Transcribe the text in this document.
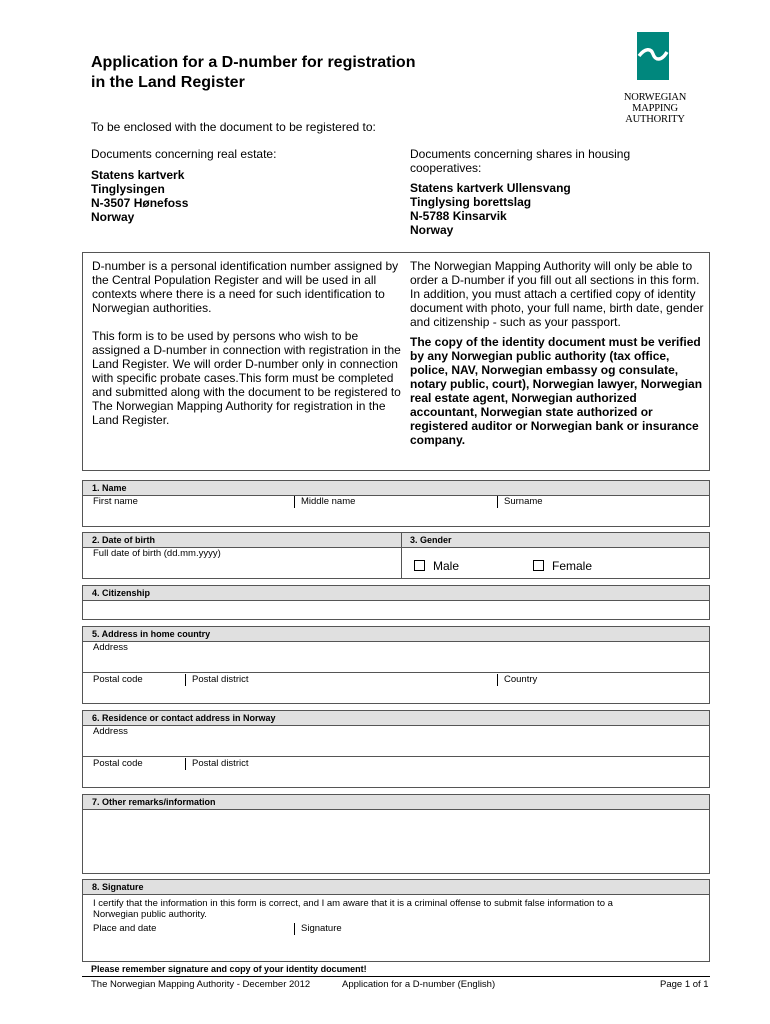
Application for a D-number for registration
in the Land Register
NORWEGIAN MAPPING
AUTHORITY
To be enclosed with the document to be registered to:
Documents concerning real estate:
Statens kartverk
Tinglysingen
N-3507 Hønefoss
Norway
Documents concerning shares in housing
cooperatives:
Statens kartverk Ullensvang
Tinglysing borettslag
N-5788 Kinsarvik
Norway

D-number is a personal identification number assigned by the Central Population Register and will be used in all contexts where there is a need for such identification to Norwegian authorities.

This form is to be used by persons who wish to be assigned a D-number in connection with registration in the Land Register. We will order D-number only in connection with specific probate cases.This form must be completed and submitted along with the document to be registered to The Norwegian Mapping Authority for registration in the Land Register.

The Norwegian Mapping Authority will only be able to order a D-number if you fill out all sections in this form. In addition, you must attach a certified copy of identity document with photo, your full name, birth date, gender and citizenship - such as your passport.

The copy of the identity document must be verified by any Norwegian public authority (tax office, police, NAV, Norwegian embassy og consulate, notary public, court), Norwegian lawyer, Norwegian real estate agent, Norwegian authorized accountant, Norwegian state authorized or registered auditor or Norwegian bank or insurance company.

1. Name
First name	Middle name	Surname
2. Date of birth	3. Gender
Full date of birth (dd.mm.yyyy)
Male	Female
4. Citizenship
5. Address in home country
Address
Postal code	Postal district	Country
6. Residence or contact address in Norway
Address
Postal code	Postal district
7. Other remarks/information
8. Signature
I certify that the information in this form is correct, and I am aware that it is a criminal offense to submit false information to a
Norwegian public authority.
Place and date	Signature
Please remember signature and copy of your identity document!
The Norwegian Mapping Authority - December 2012	Application for a D-number (English)	Page 1 of 1
